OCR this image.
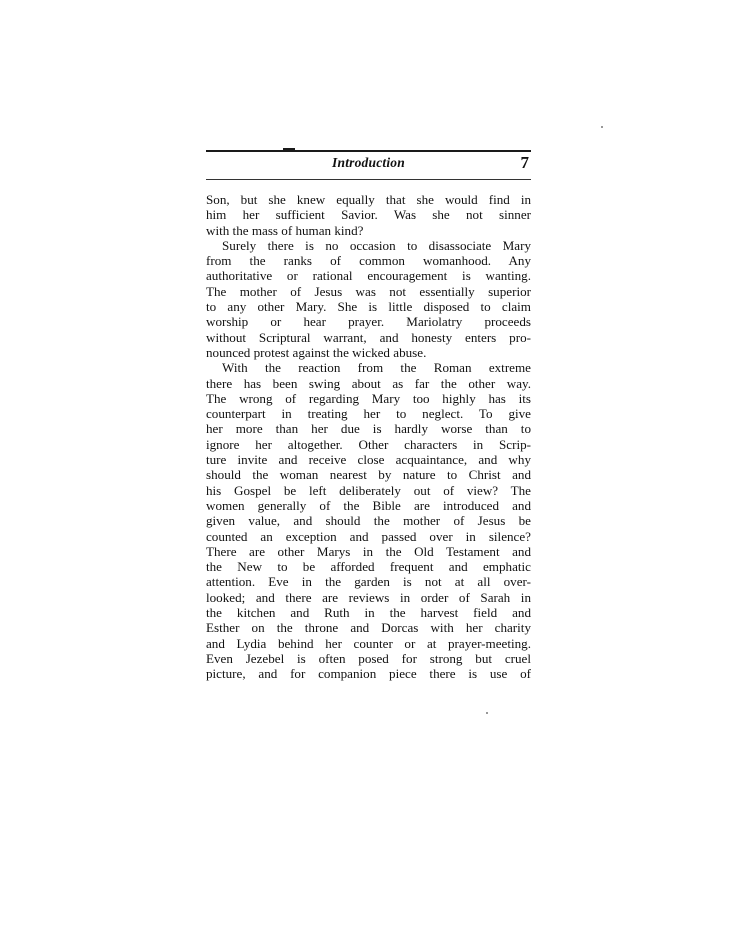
Introduction	7
Son, but she knew equally that she would find in
him her sufficient Savior. Was she not sinner
with the mass of human kind?
Surely there is no occasion to disassociate Mary
from the ranks of common womanhood. Any
authoritative or rational encouragement is wanting.
The mother of Jesus was not essentially superior
to any other Mary. She is little disposed to claim
worship or hear prayer. Mariolatry proceeds
without Scriptural warrant, and honesty enters pro-
nounced protest against the wicked abuse.
With the reaction from the Roman extreme
there has been swing about as far the other way.
The wrong of regarding Mary too highly has its
counterpart in treating her to neglect. To give
her more than her due is hardly worse than to
ignore her altogether. Other characters in Scrip-
ture invite and receive close acquaintance, and why
should the woman nearest by nature to Christ and
his Gospel be left deliberately out of view? The
women generally of the Bible are introduced and
given value, and should the mother of Jesus be
counted an exception and passed over in silence?
There are other Marys in the Old Testament and
the New to be afforded frequent and emphatic
attention. Eve in the garden is not at all over-
looked; and there are reviews in order of Sarah in
the kitchen and Ruth in the harvest field and
Esther on the throne and Dorcas with her charity
and Lydia behind her counter or at prayer-meeting.
Even Jezebel is often posed for strong but cruel
picture, and for companion piece there is use of
